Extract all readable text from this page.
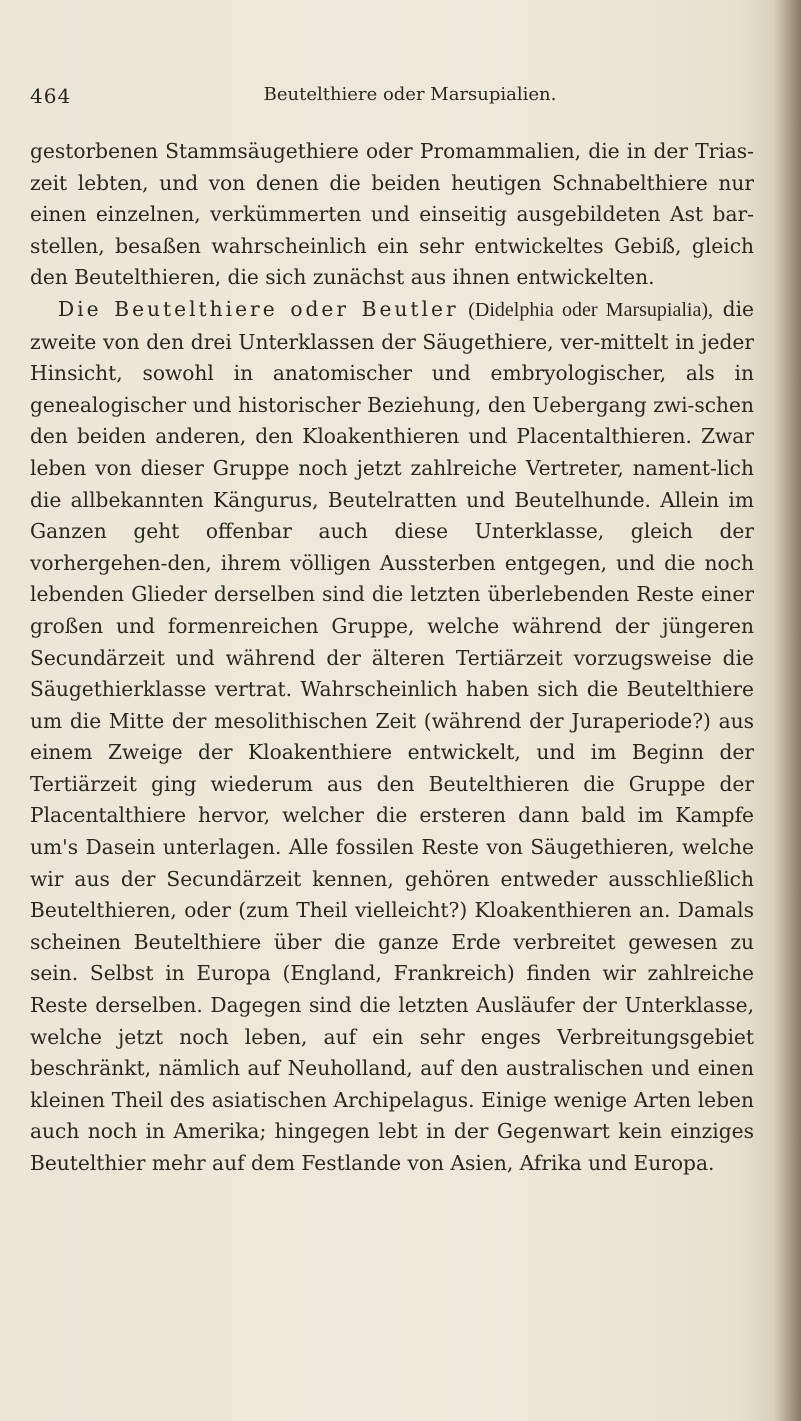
464	Beutelthiere oder Marsupialien.

gestorbenen Stammsäugethiere oder Promammalien, die in der Trias-zeit lebten, und von denen die beiden heutigen Schnabelthiere nur einen einzelnen, verkümmerten und einseitig ausgebildeten Ast bar-stellen, besaßen wahrscheinlich ein sehr entwickeltes Gebiß, gleich den Beutelthieren, die sich zunächst aus ihnen entwickelten.

Die Beutelthiere oder Beutler (Didelphia oder Marsupialia), die zweite von den drei Unterklassen der Säugethiere, ver-mittelt in jeder Hinsicht, sowohl in anatomischer und embryologischer, als in genealogischer und historischer Beziehung, den Uebergang zwi-schen den beiden anderen, den Kloakenthieren und Placentalthieren. Zwar leben von dieser Gruppe noch jetzt zahlreiche Vertreter, nament-lich die allbekannten Kängurus, Beutelratten und Beutelhunde. Allein im Ganzen geht offenbar auch diese Unterklasse, gleich der vorhergehen-den, ihrem völligen Aussterben entgegen, und die noch lebenden Glieder derselben sind die letzten überlebenden Reste einer großen und formenreichen Gruppe, welche während der jüngeren Secundärzeit und während der älteren Tertiärzeit vorzugsweise die Säugethierklasse vertrat. Wahrscheinlich haben sich die Beutelthiere um die Mitte der mesolithischen Zeit (während der Juraperiode?) aus einem Zweige der Kloakenthiere entwickelt, und im Beginn der Tertiärzeit ging wiederum aus den Beutelthieren die Gruppe der Placentalthiere hervor, welcher die ersteren dann bald im Kampfe um's Dasein unterlagen. Alle fossilen Reste von Säugethieren, welche wir aus der Secundärzeit kennen, gehören entweder ausschließlich Beutelthieren, oder (zum Theil vielleicht?) Kloakenthieren an. Damals scheinen Beutelthiere über die ganze Erde verbreitet gewesen zu sein. Selbst in Europa (England, Frankreich) finden wir zahlreiche Reste derselben. Dagegen sind die letzten Ausläufer der Unterklasse, welche jetzt noch leben, auf ein sehr enges Verbreitungsgebiet beschränkt, nämlich auf Neuholland, auf den australischen und einen kleinen Theil des asiatischen Archipelagus. Einige wenige Arten leben auch noch in Amerika; hingegen lebt in der Gegenwart kein einziges Beutelthier mehr auf dem Festlande von Asien, Afrika und Europa.
